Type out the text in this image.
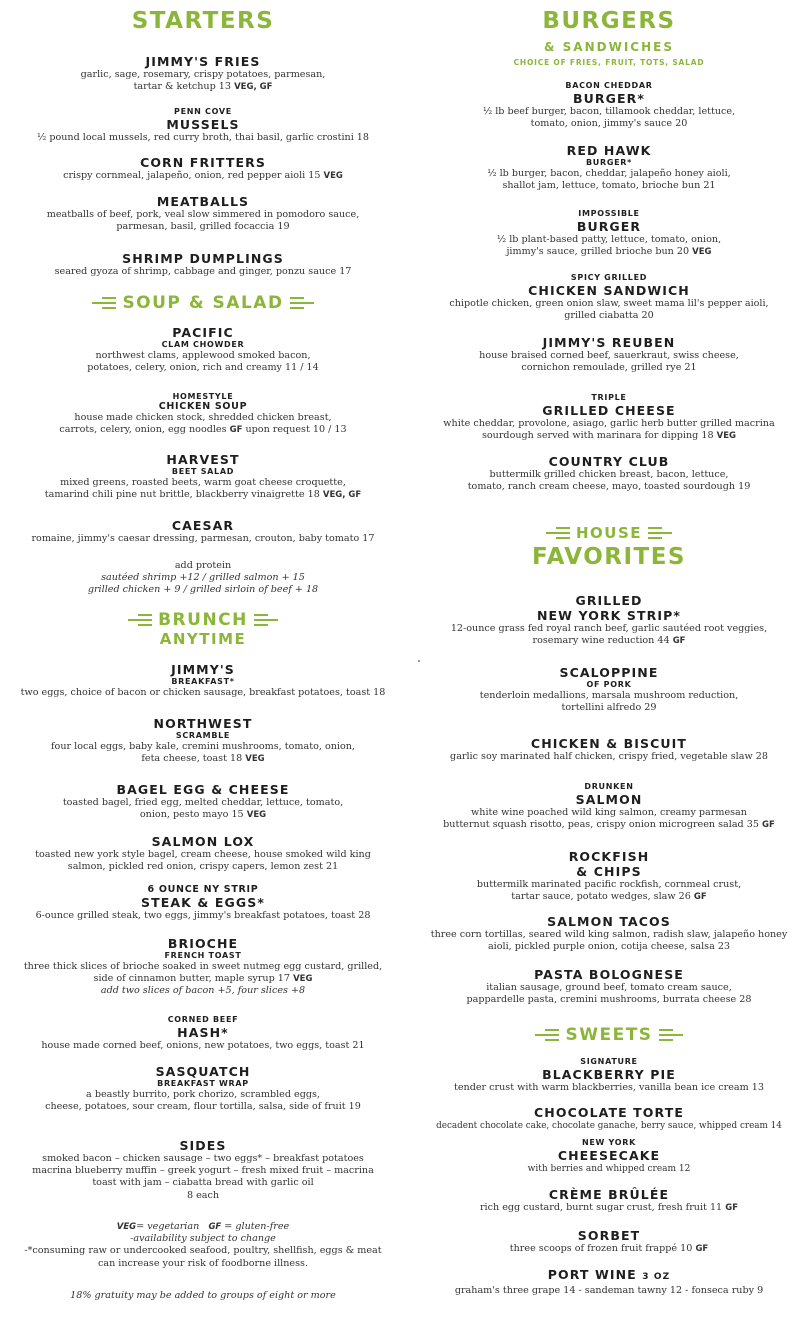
STARTERS
JIMMY'S FRIES
garlic, sage, rosemary, crispy potatoes, parmesan,
tartar & ketchup 13 VEG, GF
PENN COVE
MUSSELS
½ pound local mussels, red curry broth, thai basil, garlic crostini 18
CORN FRITTERS
crispy cornmeal, jalapeño, onion, red pepper aioli 15 VEG
MEATBALLS
meatballs of beef, pork, veal slow simmered in pomodoro sauce,
parmesan, basil, grilled focaccia 19
SHRIMP DUMPLINGS
seared gyoza of shrimp, cabbage and ginger, ponzu sauce 17
SOUP & SALAD
PACIFIC
CLAM CHOWDER
northwest clams, applewood smoked bacon,
potatoes, celery, onion, rich and creamy 11 / 14
HOMESTYLE
CHICKEN SOUP
house made chicken stock, shredded chicken breast,
carrots, celery, onion, egg noodles GF upon request 10 / 13
HARVEST
BEET SALAD
mixed greens, roasted beets, warm goat cheese croquette,
tamarind chili pine nut brittle, blackberry vinaigrette 18 VEG, GF
CAESAR
romaine, jimmy's caesar dressing, parmesan, crouton, baby tomato 17
add protein
sautéed shrimp +12 / grilled salmon + 15
grilled chicken + 9 / grilled sirloin of beef + 18
BRUNCH
ANYTIME
JIMMY'S
BREAKFAST*
two eggs, choice of bacon or chicken sausage, breakfast potatoes, toast 18
NORTHWEST
SCRAMBLE
four local eggs, baby kale, cremini mushrooms, tomato, onion,
feta cheese, toast 18 VEG
BAGEL EGG & CHEESE
toasted bagel, fried egg, melted cheddar, lettuce, tomato,
onion, pesto mayo 15 VEG
SALMON LOX
toasted new york style bagel, cream cheese, house smoked wild king
salmon, pickled red onion, crispy capers, lemon zest 21
6 OUNCE NY STRIP
STEAK & EGGS*
6-ounce grilled steak, two eggs, jimmy's breakfast potatoes, toast 28
BRIOCHE
FRENCH TOAST
three thick slices of brioche soaked in sweet nutmeg egg custard, grilled,
side of cinnamon butter, maple syrup 17 VEG
add two slices of bacon +5, four slices +8
CORNED BEEF
HASH*
house made corned beef, onions, new potatoes, two eggs, toast 21
SASQUATCH
BREAKFAST WRAP
a beastly burrito, pork chorizo, scrambled eggs,
cheese, potatoes, sour cream, flour tortilla, salsa, side of fruit 19
SIDES
smoked bacon – chicken sausage – two eggs* – breakfast potatoes
macrina blueberry muffin – greek yogurt – fresh mixed fruit – macrina
toast with jam – ciabatta bread with garlic oil
8 each
VEG= vegetarian GF = gluten-free
-availability subject to change
-*consuming raw or undercooked seafood, poultry, shellfish, eggs & meat
can increase your risk of foodborne illness.
18% gratuity may be added to groups of eight or more
BURGERS
& SANDWICHES
CHOICE OF FRIES, FRUIT, TOTS, SALAD
BACON CHEDDAR
BURGER*
½ lb beef burger, bacon, tillamook cheddar, lettuce,
tomato, onion, jimmy's sauce 20
RED HAWK
BURGER*
½ lb burger, bacon, cheddar, jalapeño honey aioli,
shallot jam, lettuce, tomato, brioche bun 21
IMPOSSIBLE
BURGER
½ lb plant-based patty, lettuce, tomato, onion,
jimmy's sauce, grilled brioche bun 20 VEG
SPICY GRILLED
CHICKEN SANDWICH
chipotle chicken, green onion slaw, sweet mama lil's pepper aioli,
grilled ciabatta 20
JIMMY'S REUBEN
house braised corned beef, sauerkraut, swiss cheese,
cornichon remoulade, grilled rye 21
TRIPLE
GRILLED CHEESE
white cheddar, provolone, asiago, garlic herb butter grilled macrina
sourdough served with marinara for dipping 18 VEG
COUNTRY CLUB
buttermilk grilled chicken breast, bacon, lettuce,
tomato, ranch cream cheese, mayo, toasted sourdough 19
HOUSE
FAVORITES
GRILLED
NEW YORK STRIP*
12-ounce grass fed royal ranch beef, garlic sautéed root veggies,
rosemary wine reduction 44 GF
SCALOPPINE
OF PORK
tenderloin medallions, marsala mushroom reduction,
tortellini alfredo 29
CHICKEN & BISCUIT
garlic soy marinated half chicken, crispy fried, vegetable slaw 28
DRUNKEN
SALMON
white wine poached wild king salmon, creamy parmesan
butternut squash risotto, peas, crispy onion microgreen salad 35 GF
ROCKFISH
& CHIPS
buttermilk marinated pacific rockfish, cornmeal crust,
tartar sauce, potato wedges, slaw 26 GF
SALMON TACOS
three corn tortillas, seared wild king salmon, radish slaw, jalapeño honey
aioli, pickled purple onion, cotija cheese, salsa 23
PASTA BOLOGNESE
italian sausage, ground beef, tomato cream sauce,
pappardelle pasta, cremini mushrooms, burrata cheese 28
SWEETS
SIGNATURE
BLACKBERRY PIE
tender crust with warm blackberries, vanilla bean ice cream 13
CHOCOLATE TORTE
decadent chocolate cake, chocolate ganache, berry sauce, whipped cream 14
NEW YORK
CHEESECAKE
with berries and whipped cream 12
CRÈME BRÛLÉE
rich egg custard, burnt sugar crust, fresh fruit 11 GF
SORBET
three scoops of frozen fruit frappé 10 GF
PORT WINE 3 OZ
graham's three grape 14 - sandeman tawny 12 - fonseca ruby 9
